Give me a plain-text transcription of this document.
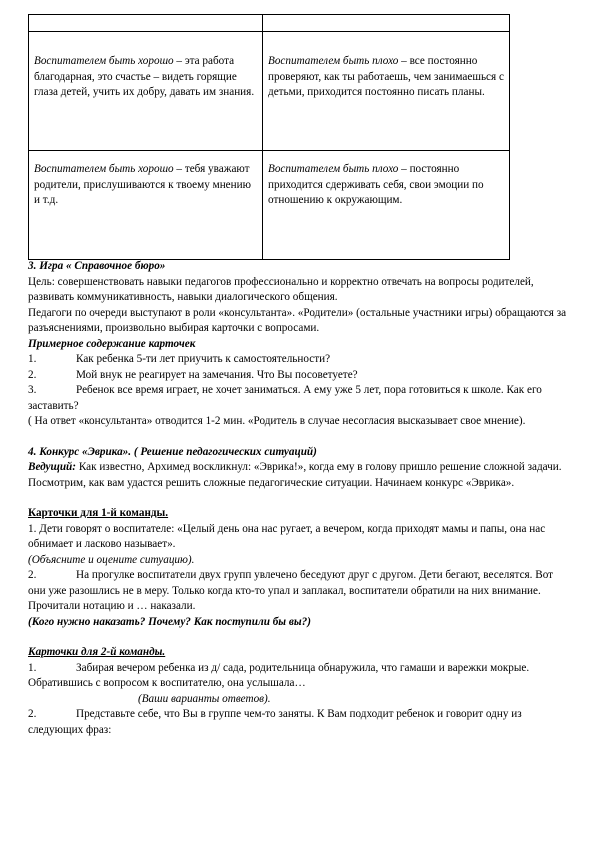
Воспитателем быть хорошо – эта работа благодарная, это счастье – видеть горящие глаза детей, учить их добру, давать им знания.	Воспитателем быть плохо – все постоянно проверяют, как ты работаешь, чем занимаешься с детьми, приходится постоянно писать планы.
Воспитателем быть хорошо – тебя уважают родители, прислушиваются к твоему мнению и т.д.	Воспитателем быть плохо – постоянно приходится сдерживать себя, свои эмоции по отношению к окружающим.

3. Игра « Справочное бюро»

Цель: совершенствовать навыки педагогов профессионально и корректно отвечать на вопросы родителей, развивать коммуникативность, навыки диалогического общения.

Педагоги по очереди выступают в роли «консультанта». «Родители» (остальные участники игры) обращаются за разъяснениями, произвольно выбирая карточки с вопросами.

Примерное содержание карточек

1.	Как ребенка 5-ти лет приучить к самостоятельности?

2.	Мой внук не реагирует на замечания. Что Вы посоветуете?

3.	Ребенок все время играет, не хочет заниматься. А ему уже 5 лет, пора готовиться к школе. Как его заставить?

( На ответ «консультанта» отводится 1-2 мин. «Родитель в случае несогласия высказывает свое мнение).

4. Конкурс «Эврика». ( Решение педагогических ситуаций)

Ведущий: Как известно, Архимед воскликнул: «Эврика!», когда ему в голову пришло решение сложной задачи. Посмотрим, как вам удастся решить сложные педагогические ситуации. Начинаем конкурс «Эврика».

Карточки для 1-й команды.

1. Дети говорят о воспитателе: «Целый день она нас ругает, а вечером, когда приходят мамы и папы, она нас обнимает и ласково называет».

(Объясните и оцените ситуацию).

2.	На прогулке воспитатели двух групп увлечено беседуют друг с другом. Дети бегают, веселятся. Вот они уже разошлись не в меру. Только когда кто-то упал и заплакал, воспитатели обратили на них внимание. Прочитали нотацию и … наказали.

(Кого нужно наказать? Почему? Как поступили бы вы?)

Карточки для 2-й команды.

1.	Забирая вечером ребенка из д/ сада, родительница обнаружила, что гамаши и варежки мокрые. Обратившись с вопросом к воспитателю, она услышала…

(Ваши варианты ответов).

2.	Представьте себе, что Вы в группе чем-то заняты. К Вам подходит ребенок и говорит одну из следующих фраз:
